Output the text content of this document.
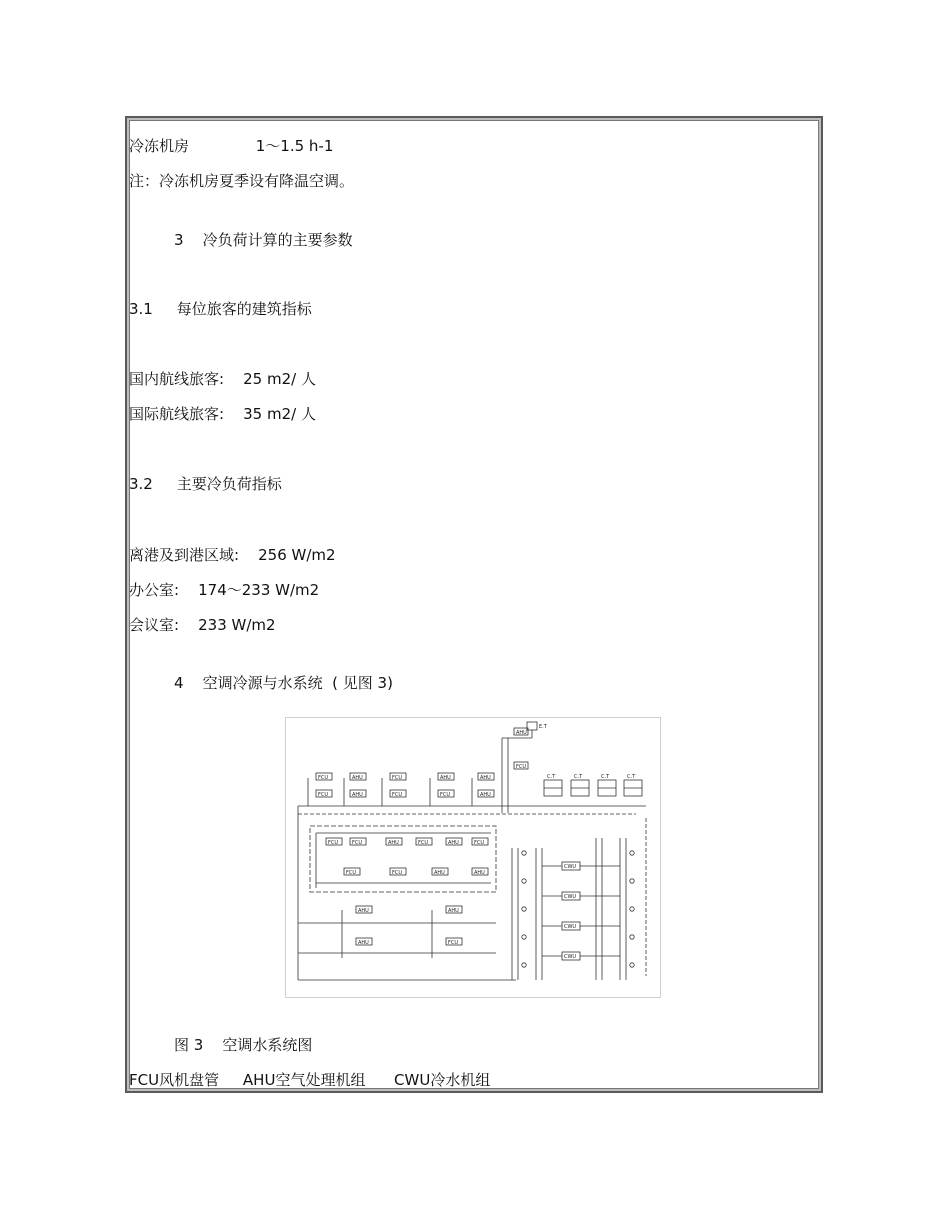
冷冻机房              1～1.5 h-1
注：冷冻机房夏季设有降温空调。
3    冷负荷计算的主要参数
3.1     每位旅客的建筑指标
国内航线旅客:    25 m2/ 人
国际航线旅客:    35 m2/ 人
3.2     主要冷负荷指标
离港及到港区域:    256 W/m2
办公室:    174～233 W/m2
会议室:    233 W/m2
4    空调冷源与水系统  ( 见图 3)
E.T
C.T	C.T	C.T	C.T
CWU
CWU
CWU
CWU
FCU
FCU
AHU
AHU
FCU
FCU
AHU
FCU
AHU
AHU
FCU	FCU	AHU	FCU	AHU	FCU
FCU	FCU	AHU	AHU
AHU
FCU
AHU	AHU
AHU	FCU
图 3    空调水系统图
FCU风机盘管     AHU空气处理机组      CWU冷水机组
